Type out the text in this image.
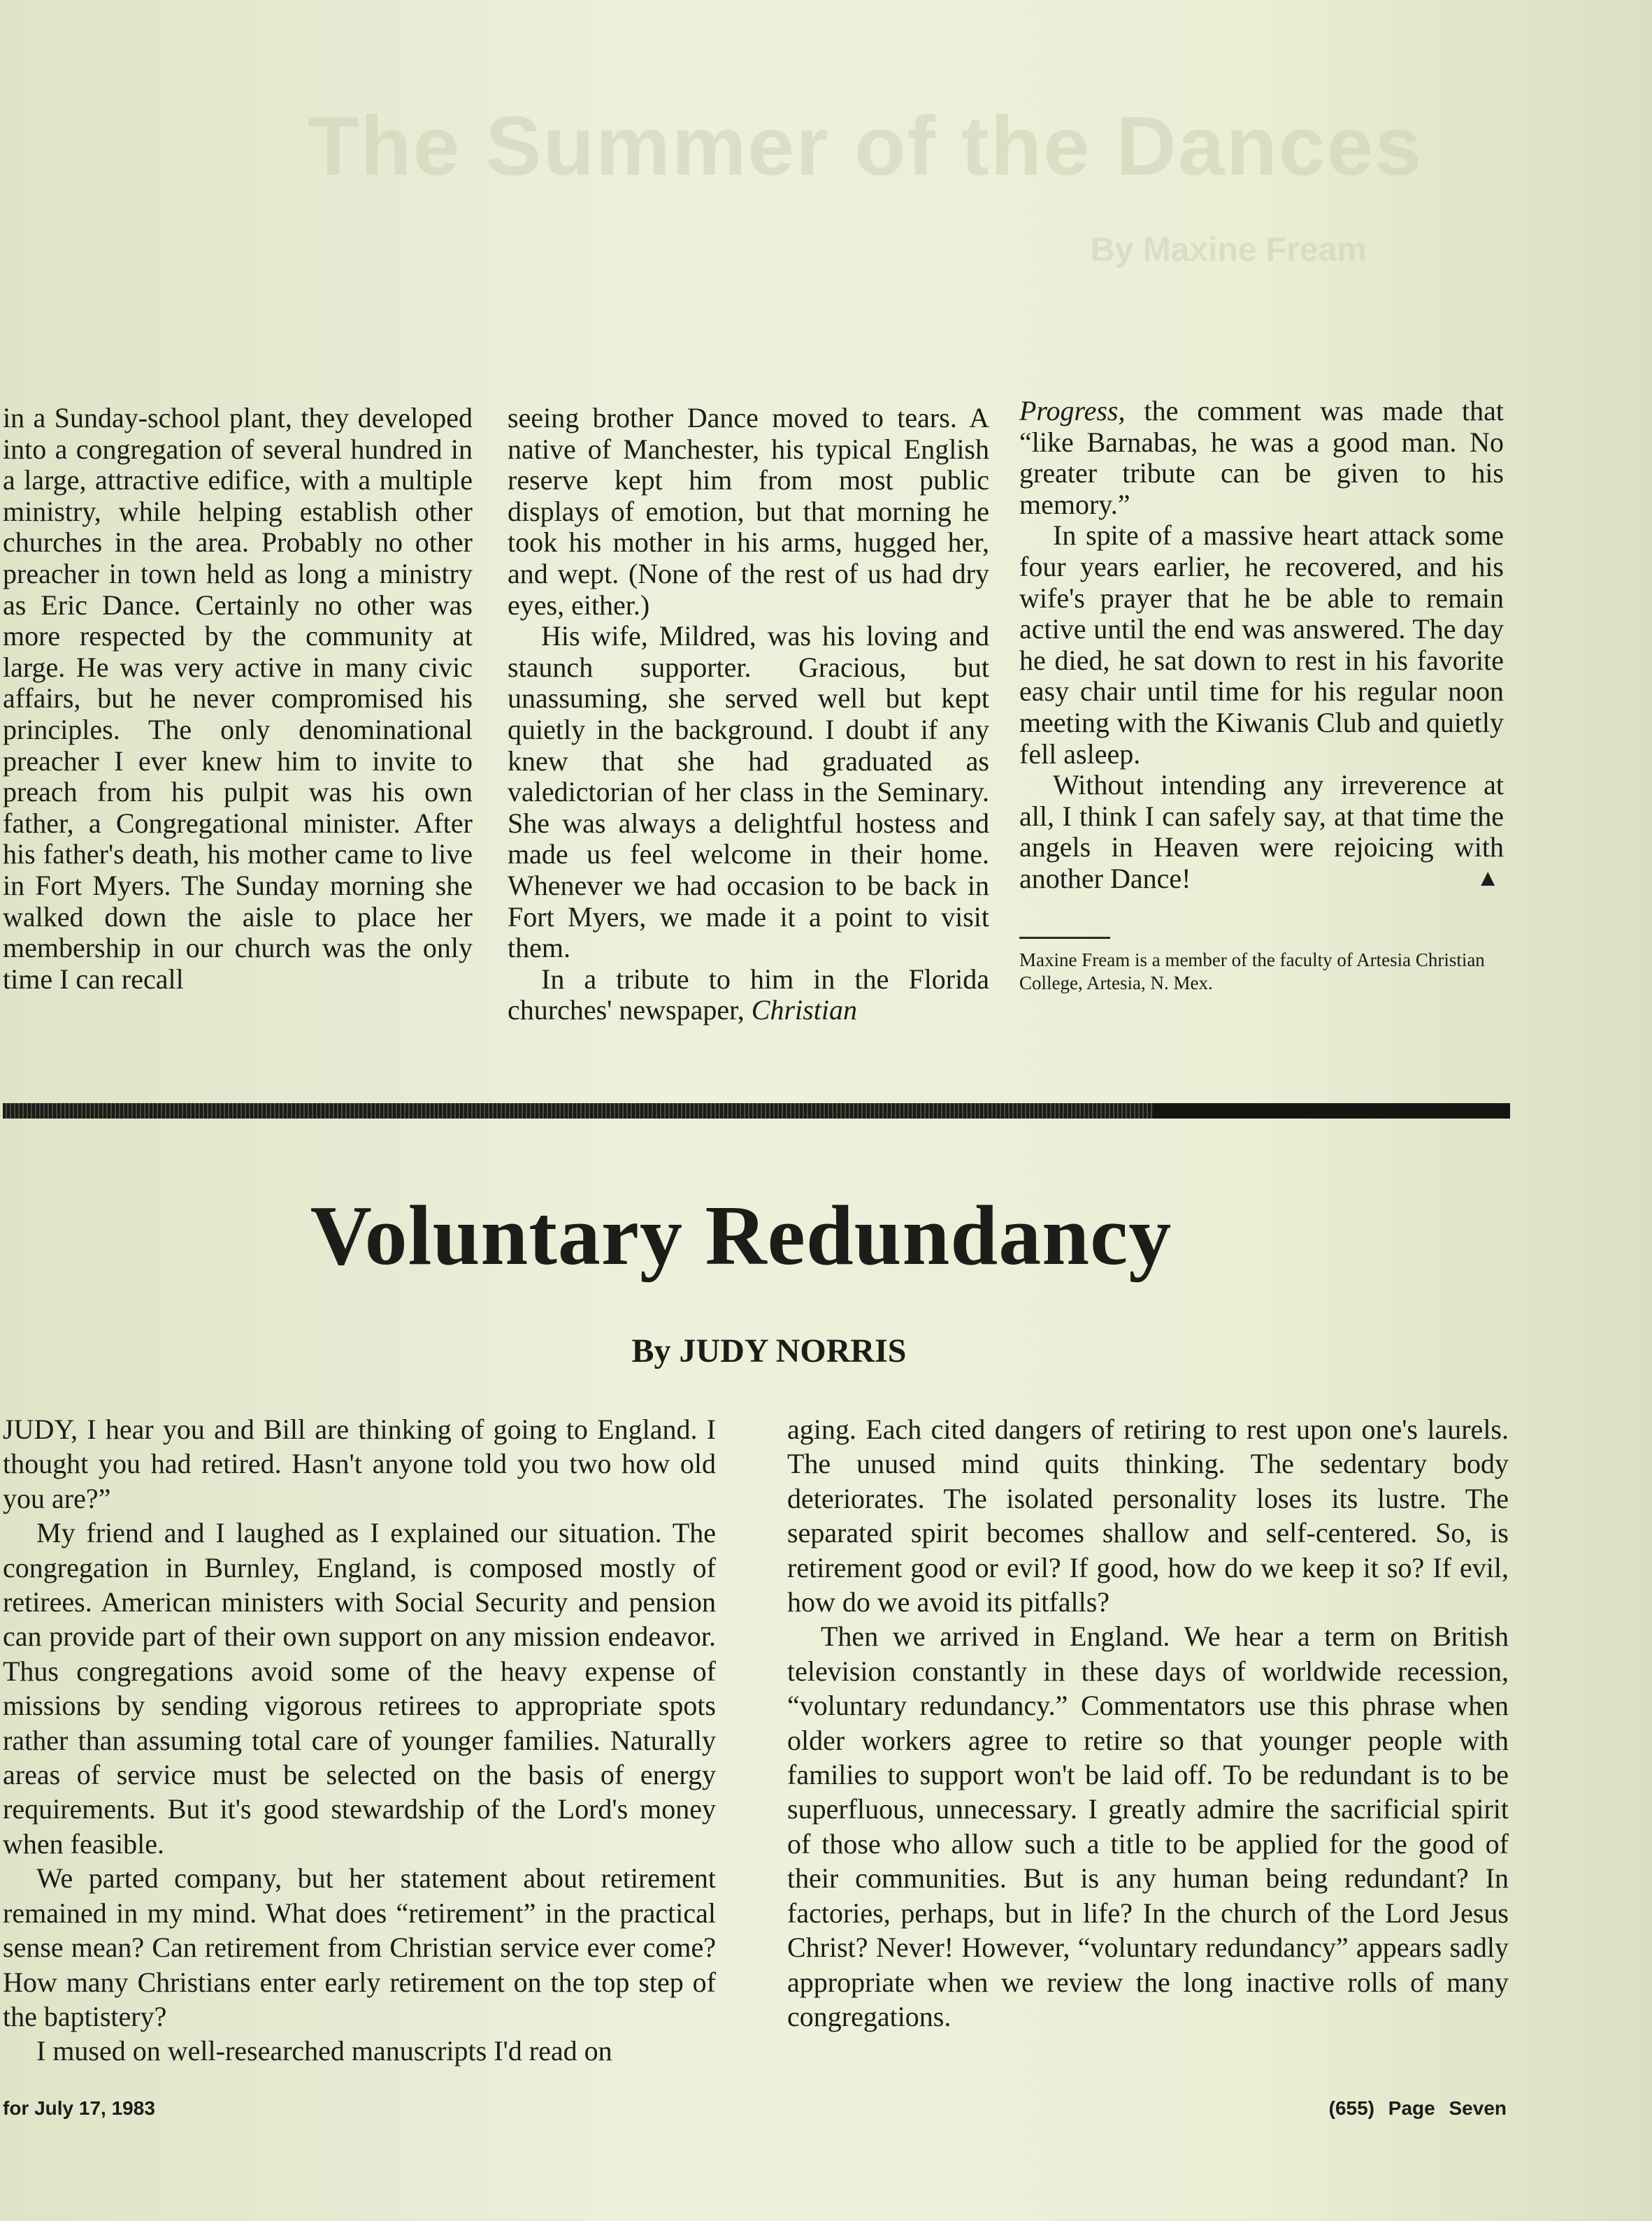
The Summer of the Dances
By Maxine Fream

in a Sunday-school plant, they developed into a congregation of several hundred in a large, attractive edifice, with a multiple ministry, while helping establish other churches in the area. Probably no other preacher in town held as long a ministry as Eric Dance. Certainly no other was more respected by the community at large. He was very active in many civic affairs, but he never compromised his principles. The only denominational preacher I ever knew him to invite to preach from his pulpit was his own father, a Congregational minister. After his father's death, his mother came to live in Fort Myers. The Sunday morning she walked down the aisle to place her membership in our church was the only time I can recall

seeing brother Dance moved to tears. A native of Manchester, his typical English reserve kept him from most public displays of emotion, but that morning he took his mother in his arms, hugged her, and wept. (None of the rest of us had dry eyes, either.)

His wife, Mildred, was his loving and staunch supporter. Gracious, but unassuming, she served well but kept quietly in the background. I doubt if any knew that she had graduated as valedictorian of her class in the Seminary. She was always a delightful hostess and made us feel welcome in their home. Whenever we had occasion to be back in Fort Myers, we made it a point to visit them.

In a tribute to him in the Florida churches' newspaper, Christian

Progress, the comment was made that “like Barnabas, he was a good man. No greater tribute can be given to his memory.”

In spite of a massive heart attack some four years earlier, he recovered, and his wife's prayer that he be able to remain active until the end was answered. The day he died, he sat down to rest in his favorite easy chair until time for his regular noon meeting with the Kiwanis Club and quietly fell asleep.

Without intending any irreverence at all, I think I can safely say, at that time the angels in Heaven were rejoicing with another Dance!	▲

Maxine Fream is a member of the faculty of Artesia Christian College, Artesia, N. Mex.
Voluntary Redundancy
By JUDY NORRIS

JUDY, I hear you and Bill are thinking of going to England. I thought you had retired. Hasn't anyone told you two how old you are?”

My friend and I laughed as I explained our situation. The congregation in Burnley, England, is composed mostly of retirees. American ministers with Social Security and pension can provide part of their own support on any mission endeavor. Thus congregations avoid some of the heavy expense of missions by sending vigorous retirees to appropriate spots rather than assuming total care of younger families. Naturally areas of service must be selected on the basis of energy requirements. But it's good stewardship of the Lord's money when feasible.

We parted company, but her statement about retirement remained in my mind. What does “retirement” in the practical sense mean? Can retirement from Christian service ever come? How many Christians enter early retirement on the top step of the baptistery?

I mused on well-researched manuscripts I'd read on

aging. Each cited dangers of retiring to rest upon one's laurels. The unused mind quits thinking. The sedentary body deteriorates. The isolated personality loses its lustre. The separated spirit becomes shallow and self-centered. So, is retirement good or evil? If good, how do we keep it so? If evil, how do we avoid its pitfalls?

Then we arrived in England. We hear a term on British television constantly in these days of worldwide recession, “voluntary redundancy.” Commentators use this phrase when older workers agree to retire so that younger people with families to support won't be laid off. To be redundant is to be superfluous, unnecessary. I greatly admire the sacrificial spirit of those who allow such a title to be applied for the good of their communities. But is any human being redundant? In factories, perhaps, but in life? In the church of the Lord Jesus Christ? Never! However, “voluntary redundancy” appears sadly appropriate when we review the long inactive rolls of many congregations.

for July 17, 1983	(655) Page Seven
